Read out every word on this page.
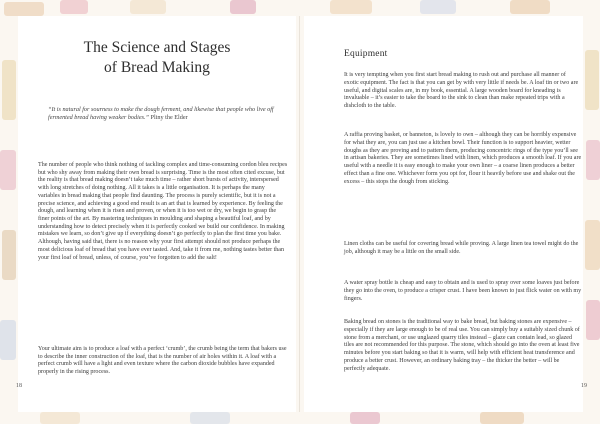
The Science and Stages
of Bread Making

“It is natural for sourness to make the dough ferment, and likewise that people who live off fermented bread having weaker bodies.” Pliny the Elder

The number of people who think nothing of tackling complex and time-consuming cordon bleu recipes but who shy away from making their own bread is surprising. Time is the most often cited excuse, but the reality is that bread making doesn’t take much time – rather short bursts of activity, interspersed with long stretches of doing nothing. All it takes is a little organisation. It is perhaps the many variables in bread making that people find daunting. The process is purely scientific, but it is not a precise science, and achieving a good end result is an art that is learned by experience. By feeling the dough, and learning when it is risen and proven, or when it is too wet or dry, we begin to grasp the finer points of the art. By mastering techniques in moulding and shaping a beautiful loaf, and by understanding how to detect precisely when it is perfectly cooked we build our confidence. In making mistakes we learn, so don’t give up if everything doesn’t go perfectly to plan the first time you bake. Although, having said that, there is no reason why your first attempt should not produce perhaps the most delicious loaf of bread that you have ever tasted. And, take it from me, nothing tastes better than your first loaf of bread, unless, of course, you’ve forgotten to add the salt!

Your ultimate aim is to produce a loaf with a perfect ‘crumb’, the crumb being the term that bakers use to describe the inner construction of the loaf, that is the number of air holes within it. A loaf with a perfect crumb will have a light and even texture where the carbon dioxide bubbles have expanded properly in the rising process.

Equipment

It is very tempting when you first start bread making to rush out and purchase all manner of exotic equipment. The fact is that you can get by with very little if needs be. A loaf tin or two are useful, and digital scales are, in my book, essential. A large wooden board for kneading is invaluable – it’s easier to take the board to the sink to clean than make repeated trips with a dishcloth to the table.

A raffia proving basket, or banneton, is lovely to own – although they can be horribly expensive for what they are, you can just use a kitchen bowl. Their function is to support heavier, wetter doughs as they are proving and to pattern them, producing concentric rings of the type you’ll see in artisan bakeries. They are sometimes lined with linen, which produces a smooth loaf. If you are useful with a needle it is easy enough to make your own liner – a coarse linen produces a better effect than a fine one. Whichever form you opt for, flour it heavily before use and shake out the excess – this stops the dough from sticking.

Linen cloths can be useful for covering bread while proving. A large linen tea towel might do the job, although it may be a little on the small side.

A water spray bottle is cheap and easy to obtain and is used to spray over some loaves just before they go into the oven, to produce a crisper crust. I have been known to just flick water on with my fingers.

Baking bread on stones is the traditional way to bake bread, but baking stones are expensive – especially if they are large enough to be of real use. You can simply buy a suitably sized chunk of stone from a merchant, or use unglazed quarry tiles instead – glaze can contain lead, so glazed tiles are not recommended for this purpose. The stone, which should go into the oven at least five minutes before you start baking so that it is warm, will help with efficient heat transference and produce a better crust. However, an ordinary baking tray – the thicker the better – will be perfectly adequate.

18	19
